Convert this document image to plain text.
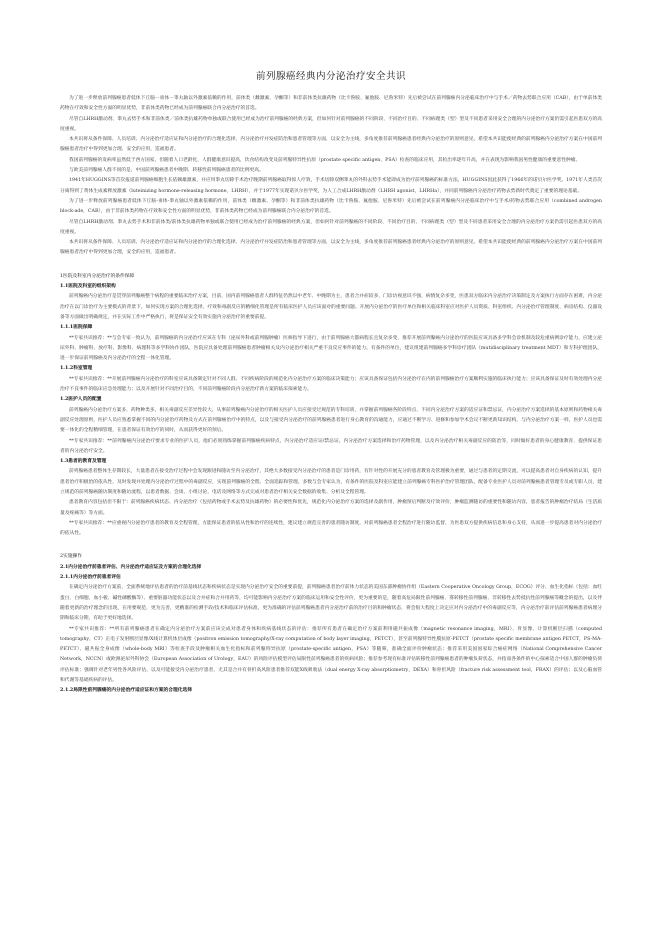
前列腺癌经典内分泌治疗安全共识

为了进一步释放前列腺癌患者低体下丘脑－垂体－睾丸轴以外激素依赖的作用，前体类（雌激素、孕酮等）和非前体类抗雄药物（比卡鲁胺、氟他胺、尼鲁米特）先后被尝试在前列腺癌内分泌临床治疗中与手术／药物去势联合应用（CAB），由于单前体类药物在疗效和安全性方面的明显优势，非前体类药物已经成为前列腺癌联合内分泌治疗的首选。

尽管自LHRH激动剂、睾丸去势手术和非前体类／前体类抗雄药物单独或联合使用已经成为治疗前列腺癌的经典方案，但如何针对前列腺癌的不同阶段、不同治疗目的、不同病理类（型）型及不同患者采用安全合理的内分泌治疗方案仍需引起医患双方的高度重视。

本共识将从条件保障、人员培训、内分泌治疗适应证和内分泌治疗的合理化选择、内分泌治疗并发症防治和患者管理等方面，以安全为主线，多角度推荐前列腺癌患者经典内分泌治疗的原则意见，希望本共识能使经典的前列腺癌内分泌治疗方案在中国前列腺癌患者治疗中得到更加合理、安全的应用，造福患者。

我国前列腺癌的发病率虽然低于西方国家，但随着人口老龄化，人群健康意识提高，饮食结构改变及前列腺特异性抗原（prostate specific antigen，PSA）检查的临床应用，其检出率逐年升高，并在表现为影响我国男性健康的重要恶性肿瘤。

与欧美前列腺癌人群不同的是，中国前列腺癌患者中晚期、转移性前列腺癌患者的比例更高。

1941年HUGGINS等首次报道前列腺癌细胞生长依赖雄激素，并应用睾丸切除手术治疗晚期前列腺癌取得惊人疗效，手术切除双侧睾丸的外科去势手术能即成为治疗前列腺癌的标准方法，HUGGINS因此获得了1966年的诺贝尔医学奖。1971年人类首次分离得到了黄体生成素释放激素（luteinizing hormone-releasing hormone，LHRH），并于1977年实现诺贝尔医学奖，为人工合成LHRH激动剂（LHRH agonist，LHRHa），并同前列腺癌内分泌治疗药物去势新时代奠定了重要的理论基础。

为了进一步释放前列腺癌患者低体下丘脑-垂体-睾丸轴以外激素依赖的作用，前体类（雌激素、孕酮等）和非前体类抗雄药物（比卡鲁胺、氟他胺、尼鲁米特）先后被尝试在前列腺癌内分泌临床治疗中与手术/药物去势联合应用（combined androgen block-ade，CAB），由于非前体类药物在疗效和安全性方面的明显优势，非前体类药物已经成为前列腺癌联合内分泌治疗的首选。

尽管自LHRH激动剂、睾丸去势手术和非前体类/前体类抗雄药物单独或联合使用已经成为治疗前列腺癌的经典方案，但如何针对前列腺癌的不同阶段、不同治疗目的、不同病理类（型）型及不同患者采用安全合理的内分泌治疗方案仍需引起医患双方的高度重视。

本共识将从条件保障、人员培训、内分泌治疗适应证和内分泌治疗的合理化选择、内分泌治疗并发症防治和患者管理等方面，以安全为主线，多角度推荐前列腺癌患者经典内分泌治疗的原则意见，希望本共识能使经典的前列腺癌内分泌治疗方案在中国前列腺癌患者治疗中得到更加合理，安全的应用，造福患者。

1医院及科室内分泌治疗的条件保障
1.1医院及科室的组织架构

前列腺癌内分泌治疗是贯穿前列腺癌整个病程的重要临床治疗方案，目前，国内前列腺癌患者人群特征仍然以中老年、中晚期为主，患者合并症较多，门诊访视意识不强，病情复杂多变，医患双方临床内分泌治疗决策制定及方案执行方面存在困难，内分泌治疗在以门诊治疗为主要模式的背景下，如何实现方案的合理化选择，疗效和毒副反应的精细化管理是所有临床医护人员应该面对的重要问题。开展内分泌治疗的医疗单位和相关临床科室应对医护人员资质、科室组织、内分泌治疗管理制度、病房结构、仪器设备等方面做出明确规定，并在实际工作中严格执行，将是保证安全有效实施内分泌治疗的重要前提。

1.1.1医院保障

**专家共识推荐：**与会专家一致认为，前列腺癌的内分泌治疗应该在专科（泌尿外科或前列腺肿瘤）医师指导下进行，由于前列腺癌大都病程长且复杂多变，推荐开展前列腺癌内分泌治疗的医院应该具备多学科会诊机制及较危重病例诊疗能力，应建立泌尿外科、肿瘤科、放疗科、影像科、病理科等多学科协作团队，医院应具备处理前列腺癌患者肿瘤相关及内分泌治疗相关严重不良反应事件的能力。有条件的单位，建议组建前列腺癌多学科诊疗团队（mutidisciplinary treatment MDT）和专科护理团队，进一步保证前列腺癌及内分泌治疗的全程一体化管理。

1.1.2科室管理

**专家共识推荐：**开展前列腺癌内分泌治疗的科室应该具备制定针对不同人群、不同疾病阶段的规范化内分泌治疗方案的临床决策能力；应该具备保证包括内分泌治疗在内的前列腺癌治疗方案顺利实施的临床执行能力；应该具备保证及时有效处理内分泌治疗不良事件的临床应急处理能力；以及开展针对不同治疗目的，不同前列腺癌阶段内分泌治疗新方案的临床探索能力。

1.2医护人员的配置

前列腺癌内分泌治疗方案多，药物种类多，相关毒副反应差异性较大，从事前列腺癌内分泌治疗的相关医护人员应接受过规范的专科培训，并掌握前列腺癌各阶段特点、不同内分泌治疗方案的适应证和禁忌证，内分泌治疗方案选择的基本原则和药物相关毒副反应处理原则，医护人员应熟悉掌握不同的内分泌治疗药物及方式在前列腺癌治疗中的特点，以及与接受内分泌治疗的前列腺癌患者进行身心教育的沟通能力，应通过不断学习、进修和参加学术会议不断更新知识结构，与内分泌治疗方案一样，医护人员也需要一体化的全程精细管理，在患者保证有效治疗的同时，从而获得更好的预后。

**专家共识推荐：**前列腺癌内分泌治疗要求专业的医护人员，他们必须熟练掌握前列腺癌疾病特点，内分泌治疗适应证/禁忌证，内分泌治疗方案选择和治疗药物管理，以及内分泌治疗相关毒副反应的防治等，同时做好患者的身心健康教育、提供保证患者的内分泌治疗安全。

1.3患者的教育及管理

前列腺癌患者整体生存期较长，大量患者在接受治疗过程中会发现跟进和随访至内分泌治疗，其绝大多数接受内分泌治疗的患者是门诊用药，有针对性的开展充分的患者教育及管理极为重要，通过与患者的定期交流，可以提高患者对自身疾病的认知，提升患者治疗积极治的依从性，及时发现并处理内分泌治疗过程中的毒副反应，实现前列腺癌的全程、全面追踪和管理。多数与会专家认为，有条件的医院及科室应能建立前列腺癌专科医护治疗管理团队，配备专业医护人员对前列腺癌患者管理专员或专职人员，建立规范的前列腺癌随访制度和随访流程，以患者数据、会谈、小组讨论、电话及网络等方式完成对患者治疗相关安全数据的收集、分析及全程管理。

患者教育内容包括但不限于：前列腺癌疾病状态、内分泌治疗（包括药物或手术去势及抗雄药物）的必要性和优先，规范化内分泌治疗方案的选择及副作用，肿瘤预后判断及疗效评价，肿瘤监测随访的重要性和随访内容，患者报告的肿瘤治疗结局（生活质量及疼痛等）等方面。

**专家共识推荐：**应重视内分泌治疗患者的教育及全程管理，方能保证患者的依从性和治疗的连续性，建议建立规范完善的患者随访制度，对前列腺癌患者全程治疗进行随访监督，为医患双方提供疾病信息和身心支持，从而进一步提高患者对内分泌治疗的依从性。

2实施操作
2.1内分泌治疗前患者评估、内分泌治疗适应证及方案的合理化选择
2.1.1内分泌治疗前患者评估

在确定内分泌治疗方案前，全面系统地评估患者的治疗前基线状态和疾病状态是实现内分泌治疗安全的重要前提，前列腺癌患者治疗前体力状态的美国东部肿瘤协作组（Eastern Cooperative Oncology Group，ECOG）评分、血生化指标（包括：血红蛋白、白细胞、血小板、碱性磷酸酶等）、重要脏器功能状态以及合并症和合并用药等，均可能影响内分泌治疗方案的临床运用和安全性评价，更为重要的是，随着高危局限性前列腺癌、寡转移性前列腺癌、非转移性去势抵抗性前列腺癌等概念的提出，以及伴随着更新的治疗理念的出现，在用要规范，更为完善，更精准的检测手段/技术和临床评估标准，更为准确的评估前列腺癌患者内分泌治疗前的治疗目的和肿瘤状态，将会很大程度上决定应对内分泌治疗中的毒副反应等，内分泌治疗前评估前列腺癌患者病理分期和临床分期，有助于更好地选择。

**专家共识推荐：**所有前列腺癌患者在确定内分泌治疗方案前应该完成对患者身体和疾病基线状态的评估：推荐所有患者在确定治疗方案前利用磁共振成像（magnetic resonance imaging，MRI）、骨显像、计算机断层扫描（computed tomography，CT）正电子发射断层显像/X线计算机体层成像（positron emission tomography/X-ray computation of body layer imaging，PETCT），甚至前列腺特异性膜抗原-PETCT（prostate specific membrane antigen PETCT，PS-MA-PETCT）、磁共振全身成像（whole-body MRI）等检查手段及肿瘤相关血生化指标和前列腺特异抗原（prostate-specific antigen，PSA）等随筛，准确全面评价肿瘤状态；推荐采用美国国家综合癌症网络（National Comprehensive Cancer Network，NCCN）或欧洲泌尿外科协会（European Association of Urology，EAU）的风险评估模型评估局限性前列腺癌患者的疾病风险；推荐参考现有标准评估转移性前列腺癌患者的肿瘤负荷状态，并指南各条件的中心探索适合中国人群的肿瘤负荷评估标准；强调针对老年男性各风险评估，以及可能接受内分泌治疗患者，尤其是合并有骨折高风险患者推荐双能X线吸收法（dual energy X-ray absorptiometry，DEXA）和骨折风险（fracture risk assessment tool，FRAX）的评估；以及心脑血管和代谢等基础疾病的评估。

2.1.2局限性前列腺癌的内分泌治疗适应证和方案的合理化选择
